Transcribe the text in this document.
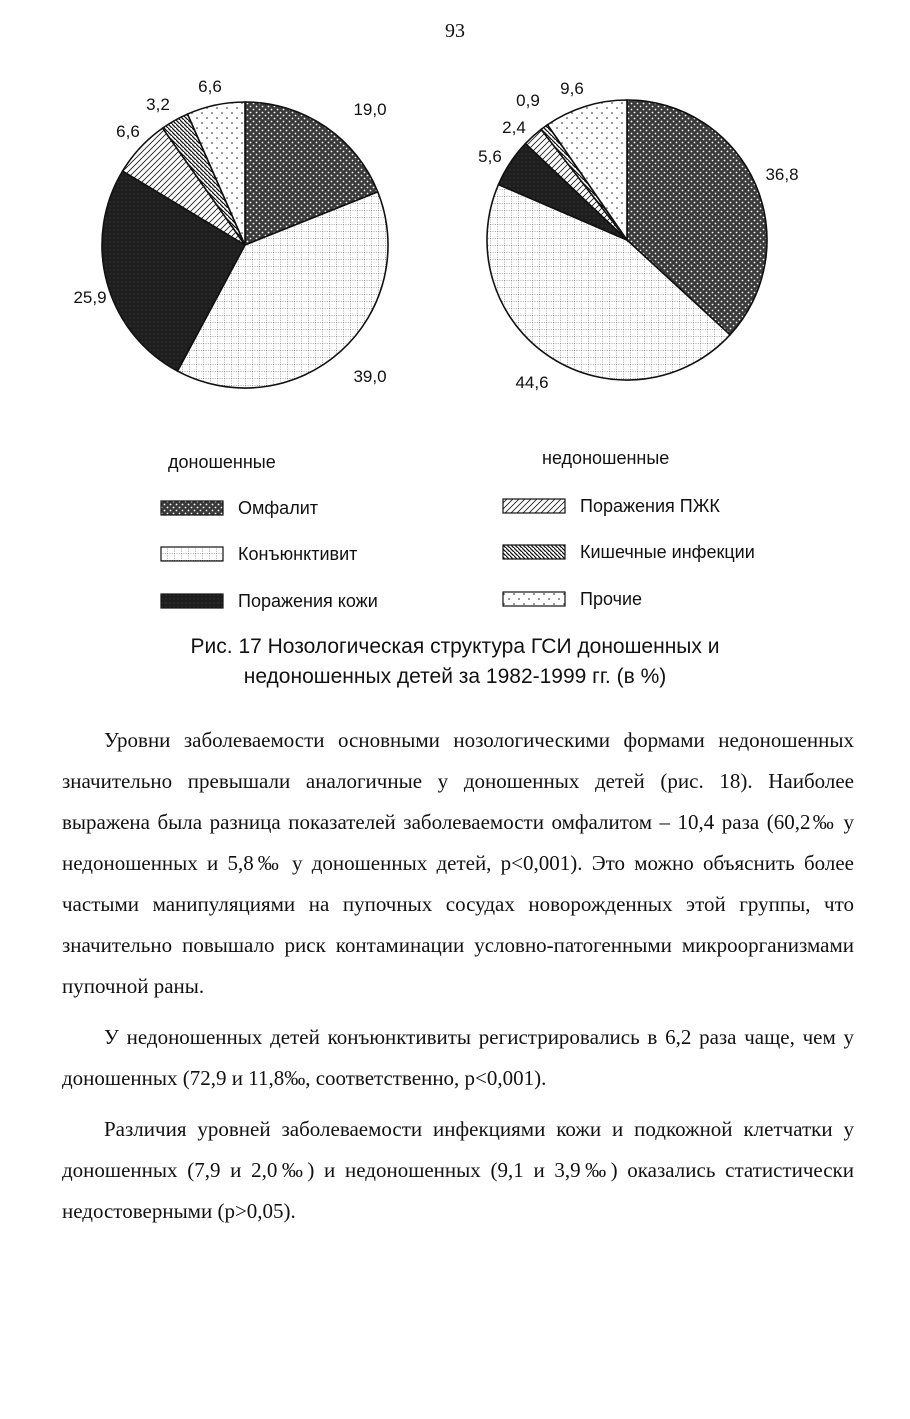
93
19,0
39,0
25,9
6,6
3,2
6,6
36,8
44,6
5,6
2,4
0,9
9,6
доношенные	недоношенные
Омфалит
Конъюнктивит
Поражения кожи
Поражения ПЖК
Кишечные инфекции
Прочие
Рис. 17 Нозологическая структура ГСИ доношенных и
недоношенных детей за 1982-1999 гг. (в %)

Уровни заболеваемости основными нозологическими формами недоношенных значительно превышали аналогичные у доношенных детей (рис. 18). Наиболее выражена была разница показателей заболеваемости омфалитом – 10,4 раза (60,2‰ у недоношенных и 5,8‰ у доношенных детей, p<0,001). Это можно объяснить более частыми манипуляциями на пупочных сосудах новорожденных этой группы, что значительно повышало риск контаминации условно-патогенными микроорганизмами пупочной раны.

У недоношенных детей конъюнктивиты регистрировались в 6,2 раза чаще, чем у доношенных (72,9 и 11,8‰, соответственно, p<0,001).

Различия уровней заболеваемости инфекциями кожи и подкожной клетчатки у доношенных (7,9 и 2,0‰) и недоношенных (9,1 и 3,9‰) оказались статистически недостоверными (p>0,05).
